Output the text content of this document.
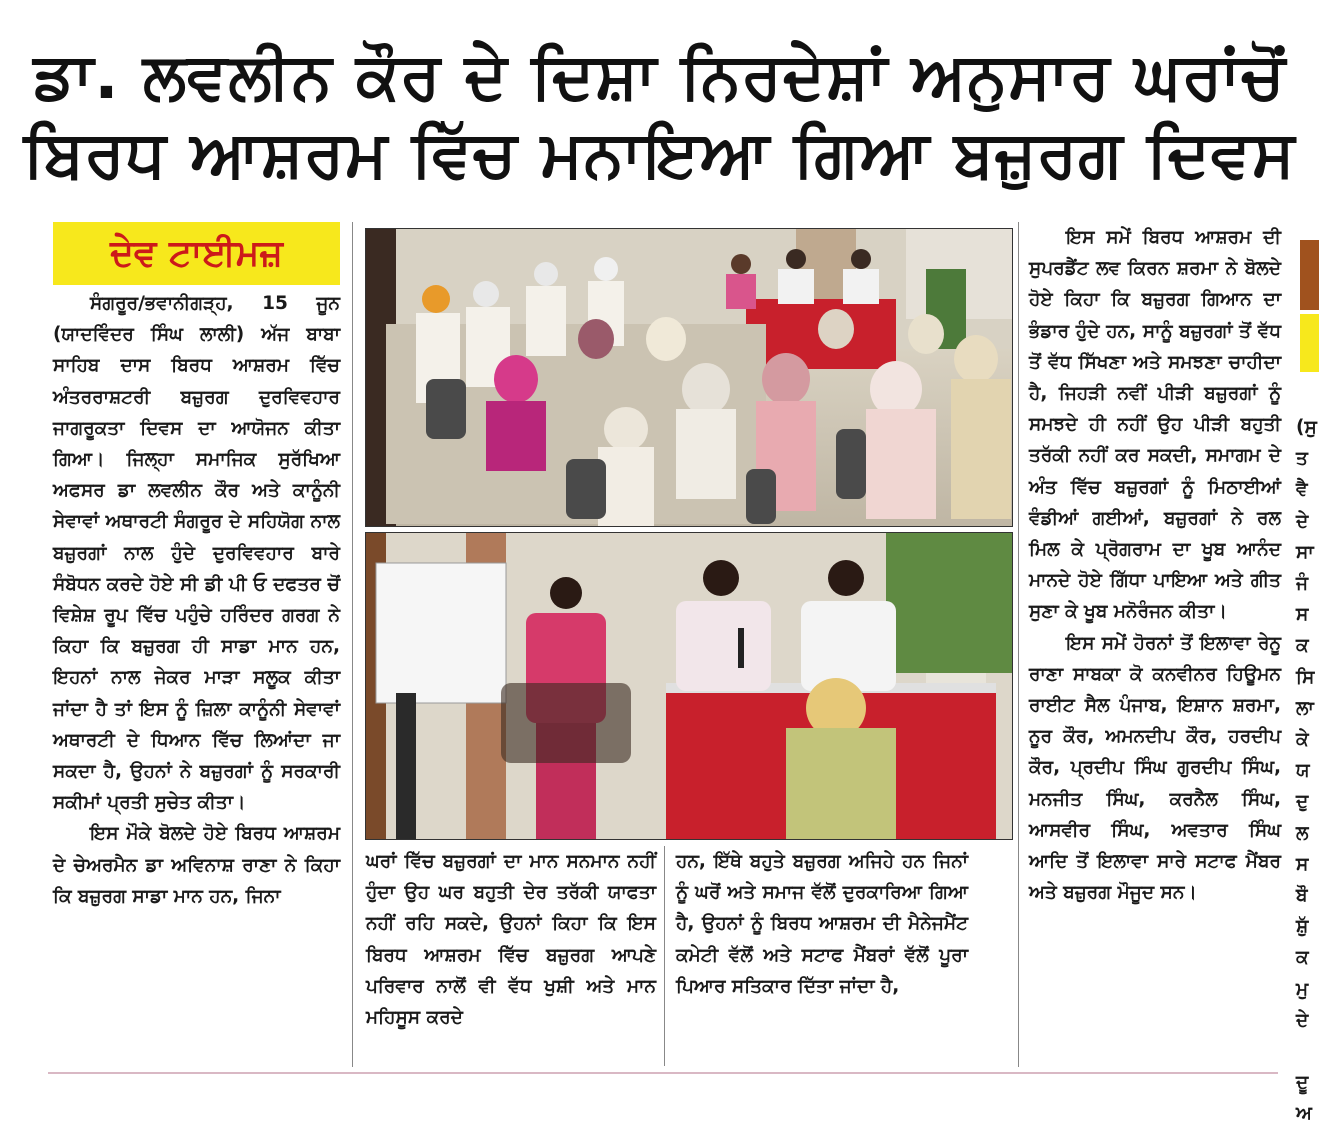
ਡਾ. ਲਵਲੀਨ ਕੌਰ ਦੇ ਦਿਸ਼ਾ ਨਿਰਦੇਸ਼ਾਂ ਅਨੁਸਾਰ ਘਰਾਂਚੋਂ
ਬਿਰਧ ਆਸ਼ਰਮ ਵਿੱਚ ਮਨਾਇਆ ਗਿਆ ਬਜ਼ੁਰਗ ਦਿਵਸ
ਦੇਵ ਟਾਈਮਜ਼

ਸੰਗਰੂਰ/ਭਵਾਨੀਗੜ੍ਹ, 15 ਜੂਨ (ਯਾਦਵਿੰਦਰ ਸਿੰਘ ਲਾਲੀ) ਅੱਜ ਬਾਬਾ ਸਾਹਿਬ ਦਾਸ ਬਿਰਧ ਆਸ਼ਰਮ ਵਿੱਚ ਅੰਤਰਰਾਸ਼ਟਰੀ ਬਜ਼ੁਰਗ ਦੁਰਵਿਵਹਾਰ ਜਾਗਰੂਕਤਾ ਦਿਵਸ ਦਾ ਆਯੋਜਨ ਕੀਤਾ ਗਿਆ। ਜਿਲ੍ਹਾ ਸਮਾਜਿਕ ਸੁਰੱਖਿਆ ਅਫਸਰ ਡਾ ਲਵਲੀਨ ਕੌਰ ਅਤੇ ਕਾਨੂੰਨੀ ਸੇਵਾਵਾਂ ਅਥਾਰਟੀ ਸੰਗਰੂਰ ਦੇ ਸਹਿਯੋਗ ਨਾਲ ਬਜ਼ੁਰਗਾਂ ਨਾਲ ਹੁੰਦੇ ਦੁਰਵਿਵਹਾਰ ਬਾਰੇ ਸੰਬੋਧਨ ਕਰਦੇ ਹੋਏ ਸੀ ਡੀ ਪੀ ਓ ਦਫਤਰ ਚੋਂ ਵਿਸ਼ੇਸ਼ ਰੂਪ ਵਿੱਚ ਪਹੁੰਚੇ ਹਰਿੰਦਰ ਗਰਗ ਨੇ ਕਿਹਾ ਕਿ ਬਜ਼ੁਰਗ ਹੀ ਸਾਡਾ ਮਾਨ ਹਨ, ਇਹਨਾਂ ਨਾਲ ਜੇਕਰ ਮਾੜਾ ਸਲੂਕ ਕੀਤਾ ਜਾਂਦਾ ਹੈ ਤਾਂ ਇਸ ਨੂੰ ਜ਼ਿਲਾ ਕਾਨੂੰਨੀ ਸੇਵਾਵਾਂ ਅਥਾਰਟੀ ਦੇ ਧਿਆਨ ਵਿੱਚ ਲਿਆਂਦਾ ਜਾ ਸਕਦਾ ਹੈ, ਉਹਨਾਂ ਨੇ ਬਜ਼ੁਰਗਾਂ ਨੂੰ ਸਰਕਾਰੀ ਸਕੀਮਾਂ ਪ੍ਰਤੀ ਸੁਚੇਤ ਕੀਤਾ।

ਇਸ ਮੌਕੇ ਬੋਲਦੇ ਹੋਏ ਬਿਰਧ ਆਸ਼ਰਮ ਦੇ ਚੇਅਰਮੈਨ ਡਾ ਅਵਿਨਾਸ਼ ਰਾਣਾ ਨੇ ਕਿਹਾ ਕਿ ਬਜ਼ੁਰਗ ਸਾਡਾ ਮਾਨ ਹਨ, ਜਿਨਾ

ਘਰਾਂ ਵਿੱਚ ਬਜ਼ੁਰਗਾਂ ਦਾ ਮਾਨ ਸਨਮਾਨ ਨਹੀਂ ਹੁੰਦਾ ਉਹ ਘਰ ਬਹੁਤੀ ਦੇਰ ਤਰੱਕੀ ਯਾਫਤਾ ਨਹੀਂ ਰਹਿ ਸਕਦੇ, ਉਹਨਾਂ ਕਿਹਾ ਕਿ ਇਸ ਬਿਰਧ ਆਸ਼ਰਮ ਵਿੱਚ ਬਜ਼ੁਰਗ ਆਪਣੇ ਪਰਿਵਾਰ ਨਾਲੋਂ ਵੀ ਵੱਧ ਖੁਸ਼ੀ ਅਤੇ ਮਾਨ ਮਹਿਸੂਸ ਕਰਦੇ

ਹਨ, ਇੱਥੇ ਬਹੁਤੇ ਬਜ਼ੁਰਗ ਅਜਿਹੇ ਹਨ ਜਿਨਾਂ ਨੂੰ ਘਰੋਂ ਅਤੇ ਸਮਾਜ ਵੱਲੋਂ ਦੁਰਕਾਰਿਆ ਗਿਆ ਹੈ, ਉਹਨਾਂ ਨੂੰ ਬਿਰਧ ਆਸ਼ਰਮ ਦੀ ਮੈਨੇਜਮੈਂਟ ਕਮੇਟੀ ਵੱਲੋਂ ਅਤੇ ਸਟਾਫ ਮੈਂਬਰਾਂ ਵੱਲੋਂ ਪੂਰਾ ਪਿਆਰ ਸਤਿਕਾਰ ਦਿੱਤਾ ਜਾਂਦਾ ਹੈ,

ਇਸ ਸਮੇਂ ਬਿਰਧ ਆਸ਼ਰਮ ਦੀ ਸੁਪਰਡੈਂਟ ਲਵ ਕਿਰਨ ਸ਼ਰਮਾ ਨੇ ਬੋਲਦੇ ਹੋਏ ਕਿਹਾ ਕਿ ਬਜ਼ੁਰਗ ਗਿਆਨ ਦਾ ਭੰਡਾਰ ਹੁੰਦੇ ਹਨ, ਸਾਨੂੰ ਬਜ਼ੁਰਗਾਂ ਤੋਂ ਵੱਧ ਤੋਂ ਵੱਧ ਸਿੱਖਣਾ ਅਤੇ ਸਮਝਣਾ ਚਾਹੀਦਾ ਹੈ, ਜਿਹੜੀ ਨਵੀਂ ਪੀੜੀ ਬਜ਼ੁਰਗਾਂ ਨੂੰ ਸਮਝਦੇ ਹੀ ਨਹੀਂ ਉਹ ਪੀੜੀ ਬਹੁਤੀ ਤਰੱਕੀ ਨਹੀਂ ਕਰ ਸਕਦੀ, ਸਮਾਗਮ ਦੇ ਅੰਤ ਵਿੱਚ ਬਜ਼ੁਰਗਾਂ ਨੂੰ ਮਿਠਾਈਆਂ ਵੰਡੀਆਂ ਗਈਆਂ, ਬਜ਼ੁਰਗਾਂ ਨੇ ਰਲ ਮਿਲ ਕੇ ਪ੍ਰੋਗਰਾਮ ਦਾ ਖੂਬ ਆਨੰਦ ਮਾਨਦੇ ਹੋਏ ਗਿੱਧਾ ਪਾਇਆ ਅਤੇ ਗੀਤ ਸੁਣਾ ਕੇ ਖੂਬ ਮਨੋਰੰਜਨ ਕੀਤਾ।

ਇਸ ਸਮੇਂ ਹੋਰਨਾਂ ਤੋਂ ਇਲਾਵਾ ਰੇਨੂ ਰਾਣਾ ਸਾਬਕਾ ਕੋ ਕਨਵੀਨਰ ਹਿਊਮਨ ਰਾਈਟ ਸੈਲ ਪੰਜਾਬ, ਇਸ਼ਾਨ ਸ਼ਰਮਾ, ਨੂਰ ਕੌਰ, ਅਮਨਦੀਪ ਕੌਰ, ਹਰਦੀਪ ਕੌਰ, ਪ੍ਰਦੀਪ ਸਿੰਘ ਗੁਰਦੀਪ ਸਿੰਘ, ਮਨਜੀਤ ਸਿੰਘ, ਕਰਨੈਲ ਸਿੰਘ, ਆਸਵੀਰ ਸਿੰਘ, ਅਵਤਾਰ ਸਿੰਘ ਆਦਿ ਤੋਂ ਇਲਾਵਾ ਸਾਰੇ ਸਟਾਫ ਮੈਂਬਰ ਅਤੇ ਬਜ਼ੁਰਗ ਮੌਜੂਦ ਸਨ।

(ਸੁ
ਤ
ਵੈ
ਦੇ
ਸਾ
ਜੰ
ਸ
ਕ
ਸਿ
ਲਾ
ਕੇ
ਯ
ਦੁ
ਲ
ਸ
ਬੌ
ਸ਼ੁੱ
ਕ
ਮੁ
ਦੇ

ਦੂ
ਅ
